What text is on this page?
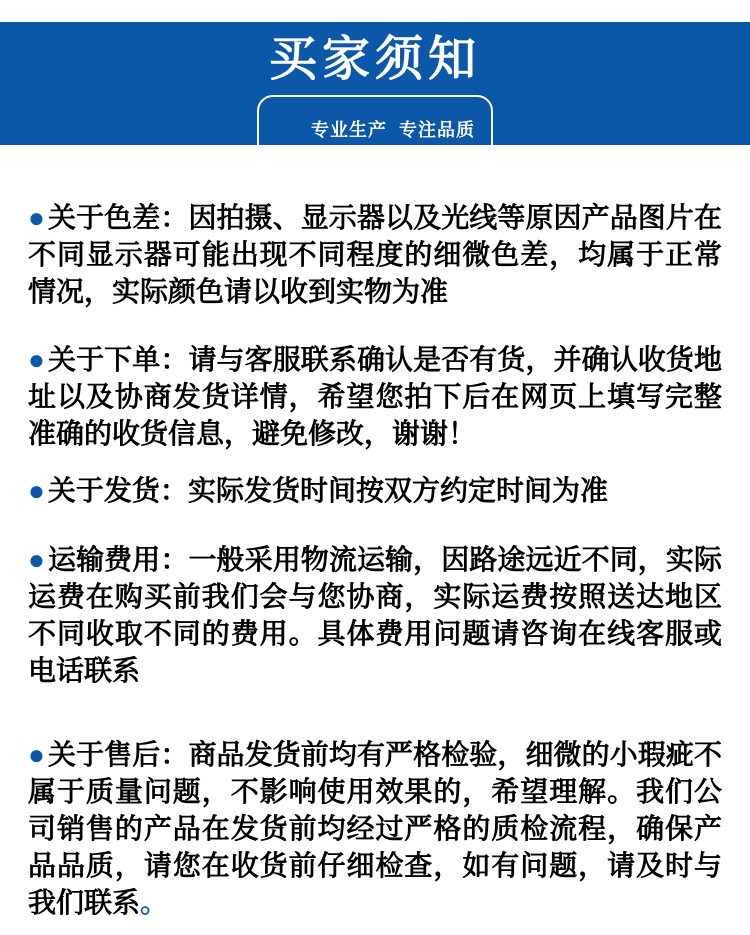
买家须知

专业生产  专注品质

● 关于色差：因拍摄、显示器以及光线等原因产品图片在不同显示器可能出现不同程度的细微色差，均属于正常情况，实际颜色请以收到实物为准

● 关于下单：请与客服联系确认是否有货，并确认收货地址以及协商发货详情，希望您拍下后在网页上填写完整准确的收货信息，避免修改，谢谢！

● 关于发货：实际发货时间按双方约定时间为准

● 运输费用：一般采用物流运输，因路途远近不同，实际运费在购买前我们会与您协商，实际运费按照送达地区不同收取不同的费用。具体费用问题请咨询在线客服或电话联系

● 关于售后：商品发货前均有严格检验，细微的小瑕疵不属于质量问题，不影响使用效果的，希望理解。我们公司销售的产品在发货前均经过严格的质检流程，确保产品品质，请您在收货前仔细检查，如有问题，请及时与我们联系。
